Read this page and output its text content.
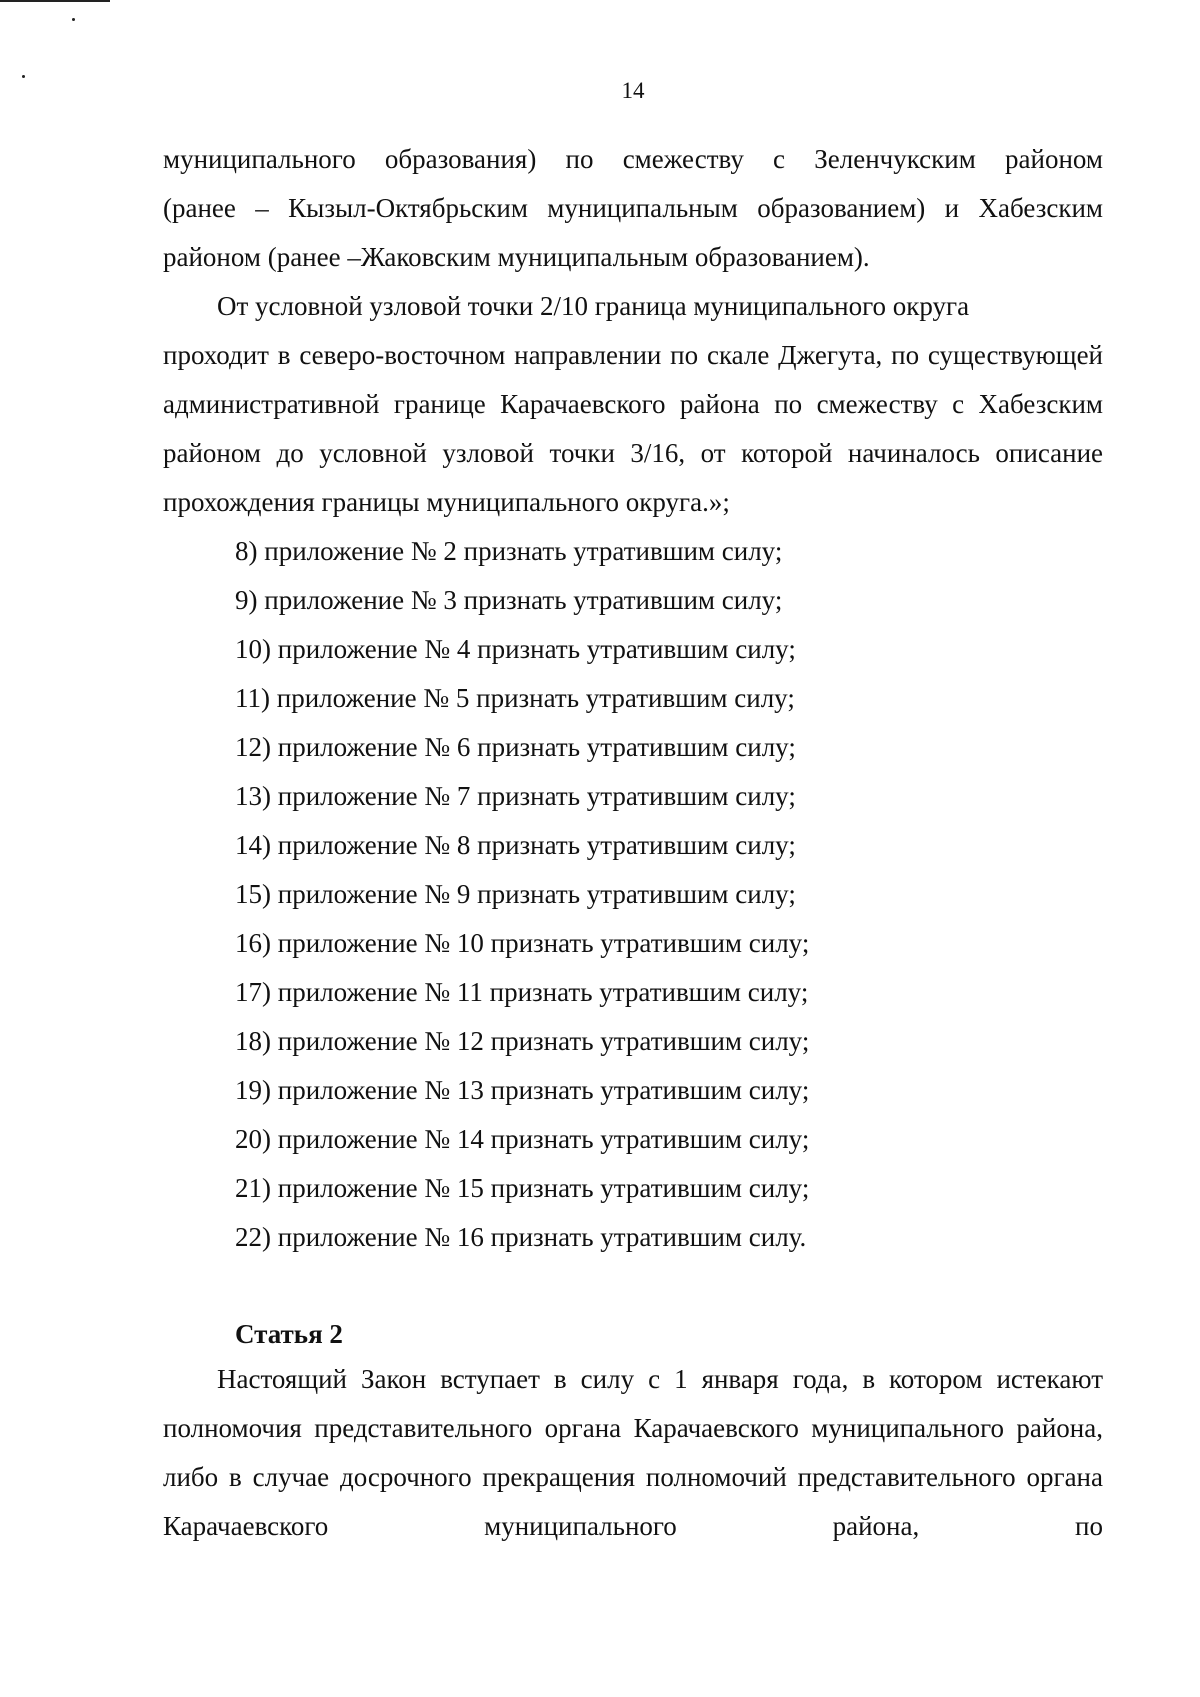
14

муниципального образования) по смежеству с Зеленчукским районом

(ранее – Кызыл-Октябрьским муниципальным образованием) и Хабезским

районом (ранее –Жаковским муниципальным образованием).

От условной узловой точки 2/10 граница муниципального округа

проходит в северо-восточном направлении по скале Джегута, по существующей административной границе Карачаевского района по смежеству с Хабезским районом до условной узловой точки 3/16, от которой начиналось описание прохождения границы муниципального округа.»;

8) приложение № 2 признать утратившим силу;

9) приложение № 3 признать утратившим силу;

10) приложение № 4 признать утратившим силу;

11) приложение № 5 признать утратившим силу;

12) приложение № 6 признать утратившим силу;

13) приложение № 7 признать утратившим силу;

14) приложение № 8 признать утратившим силу;

15) приложение № 9 признать утратившим силу;

16) приложение № 10 признать утратившим силу;

17) приложение № 11 признать утратившим силу;

18) приложение № 12 признать утратившим силу;

19) приложение № 13 признать утратившим силу;

20) приложение № 14 признать утратившим силу;

21) приложение № 15 признать утратившим силу;

22) приложение № 16 признать утратившим силу.

Статья 2

Настоящий Закон вступает в силу с 1 января года, в котором истекают полномочия представительного органа Карачаевского муниципального района, либо в случае досрочного прекращения полномочий представительного органа Карачаевского муниципального района, по
